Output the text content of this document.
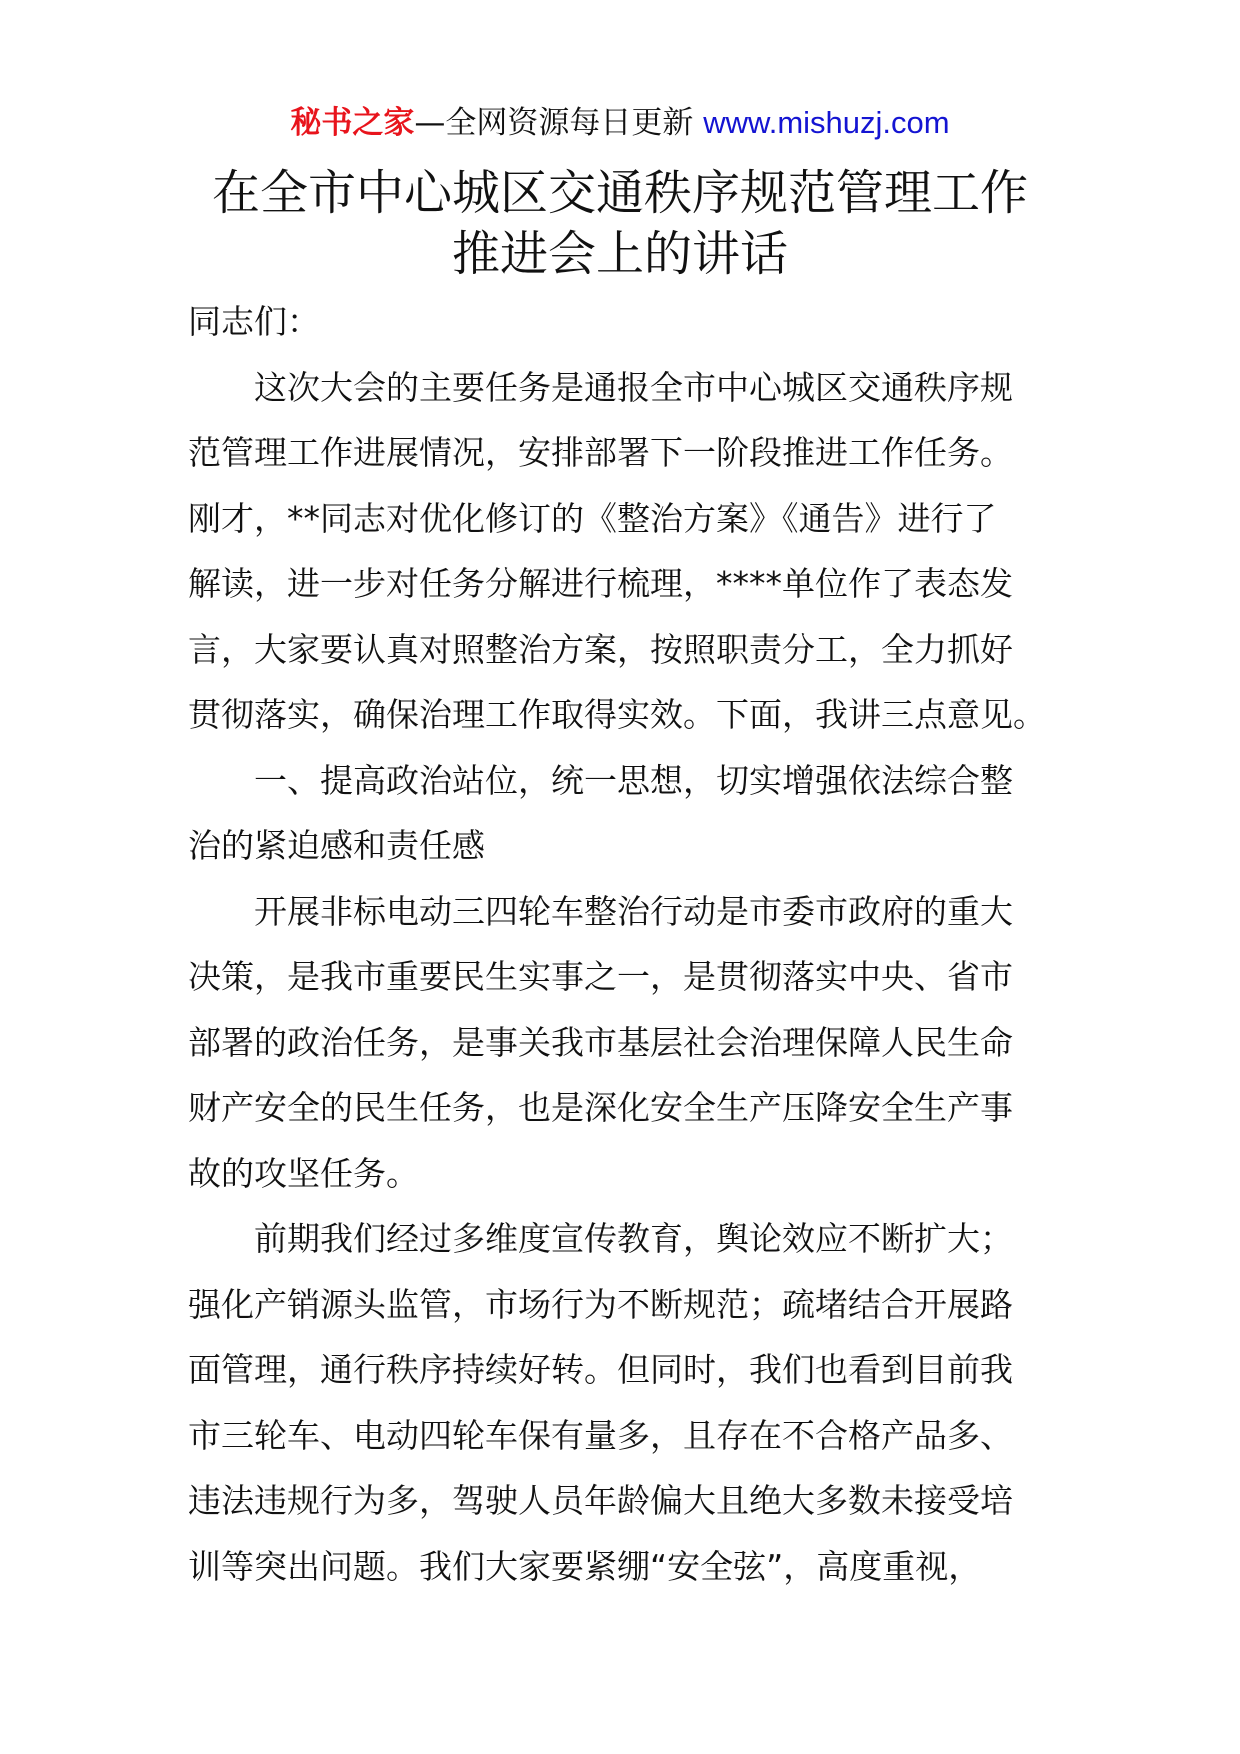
秘书之家—全网资源每日更新 www.mishuzj.com
在全市中心城区交通秩序规范管理工作
推进会上的讲话
同志们：
这次大会的主要任务是通报全市中心城区交通秩序规
范管理工作进展情况，安排部署下一阶段推进工作任务。
刚才，**同志对优化修订的《整治方案》《通告》进行了
解读，进一步对任务分解进行梳理，****单位作了表态发
言，大家要认真对照整治方案，按照职责分工，全力抓好
贯彻落实，确保治理工作取得实效。下面，我讲三点意见。
一、提高政治站位，统一思想，切实增强依法综合整
治的紧迫感和责任感
开展非标电动三四轮车整治行动是市委市政府的重大
决策，是我市重要民生实事之一，是贯彻落实中央、省市
部署的政治任务，是事关我市基层社会治理保障人民生命
财产安全的民生任务，也是深化安全生产压降安全生产事
故的攻坚任务。
前期我们经过多维度宣传教育，舆论效应不断扩大；
强化产销源头监管，市场行为不断规范；疏堵结合开展路
面管理，通行秩序持续好转。但同时，我们也看到目前我
市三轮车、电动四轮车保有量多，且存在不合格产品多、
违法违规行为多，驾驶人员年龄偏大且绝大多数未接受培
训等突出问题。我们大家要紧绷“安全弦”，高度重视，
